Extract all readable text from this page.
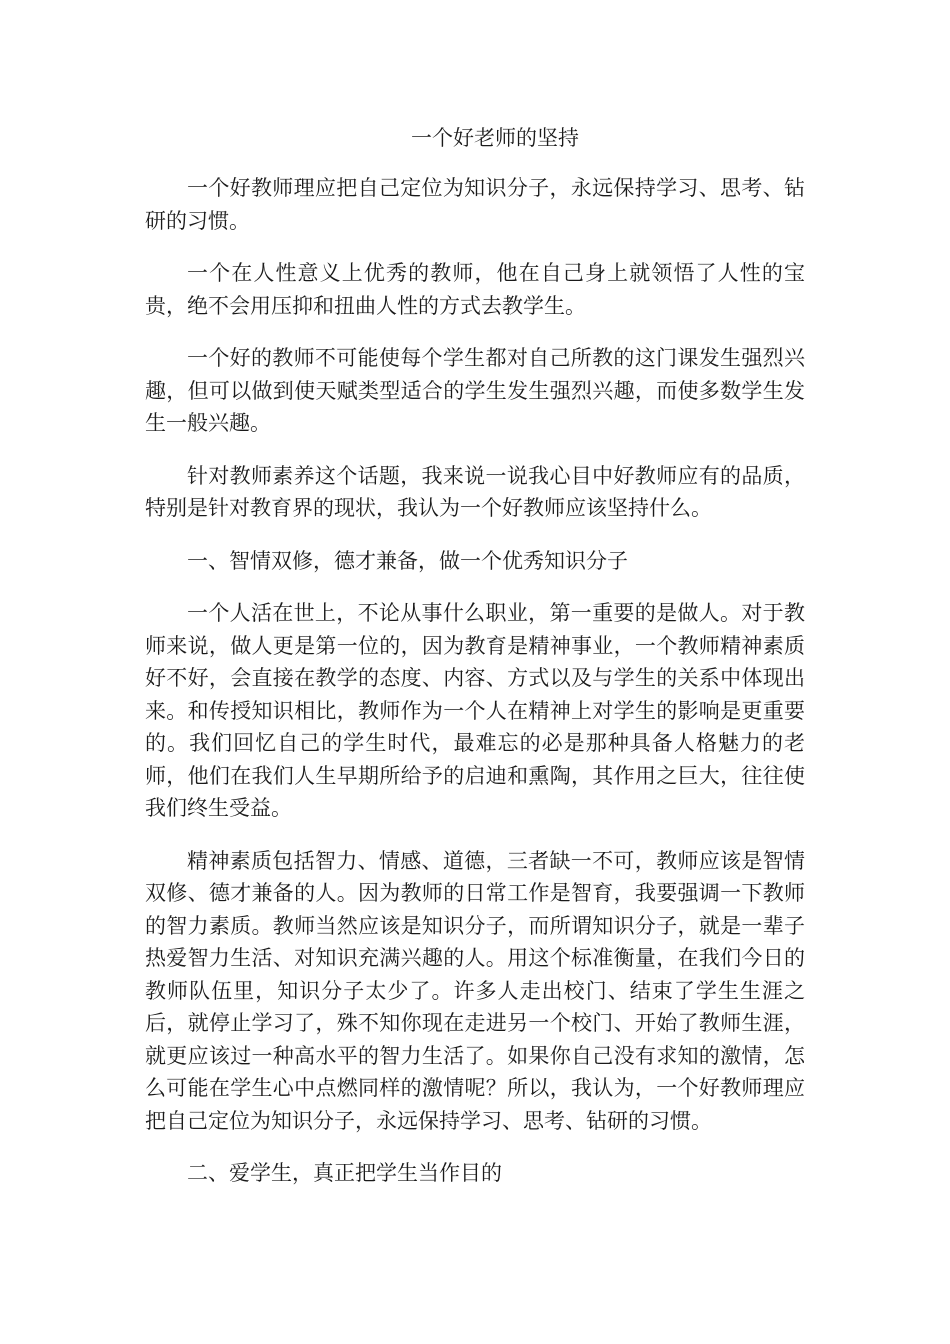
一个好老师的坚持

一个好教师理应把自己定位为知识分子，永远保持学习、思考、钻研的习惯。

一个在人性意义上优秀的教师，他在自己身上就领悟了人性的宝贵，绝不会用压抑和扭曲人性的方式去教学生。

一个好的教师不可能使每个学生都对自己所教的这门课发生强烈兴趣，但可以做到使天赋类型适合的学生发生强烈兴趣，而使多数学生发生一般兴趣。

针对教师素养这个话题，我来说一说我心目中好教师应有的品质，特别是针对教育界的现状，我认为一个好教师应该坚持什么。

一、智情双修，德才兼备，做一个优秀知识分子

一个人活在世上，不论从事什么职业，第一重要的是做人。对于教师来说，做人更是第一位的，因为教育是精神事业，一个教师精神素质好不好，会直接在教学的态度、内容、方式以及与学生的关系中体现出来。和传授知识相比，教师作为一个人在精神上对学生的影响是更重要的。我们回忆自己的学生时代，最难忘的必是那种具备人格魅力的老师，他们在我们人生早期所给予的启迪和熏陶，其作用之巨大，往往使我们终生受益。

精神素质包括智力、情感、道德，三者缺一不可，教师应该是智情双修、德才兼备的人。因为教师的日常工作是智育，我要强调一下教师的智力素质。教师当然应该是知识分子，而所谓知识分子，就是一辈子热爱智力生活、对知识充满兴趣的人。用这个标准衡量，在我们今日的教师队伍里，知识分子太少了。许多人走出校门、结束了学生生涯之后，就停止学习了，殊不知你现在走进另一个校门、开始了教师生涯，就更应该过一种高水平的智力生活了。如果你自己没有求知的激情，怎么可能在学生心中点燃同样的激情呢？所以，我认为，一个好教师理应把自己定位为知识分子，永远保持学习、思考、钻研的习惯。

二、爱学生，真正把学生当作目的
